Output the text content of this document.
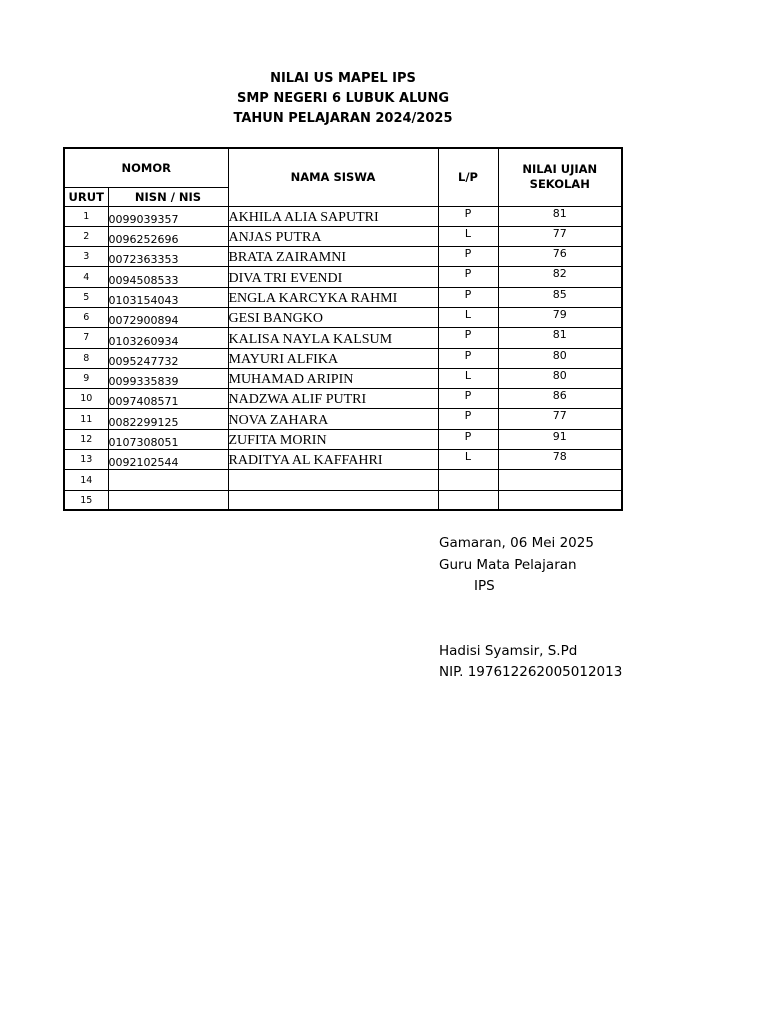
NILAI US MAPEL IPS
SMP NEGERI 6 LUBUK ALUNG
TAHUN PELAJARAN 2024/2025
NOMOR		NAMA SISWA	L/P	NILAI UJIAN SEKOLAH
URUT	NISN / NIS			
1	0099039357	AKHILA ALIA SAPUTRI	P	81
2	0096252696	ANJAS PUTRA	L	77
3	0072363353	BRATA ZAIRAMNI	P	76
4	0094508533	DIVA TRI EVENDI	P	82
5	0103154043	ENGLA KARCYKA RAHMI	P	85
6	0072900894	GESI BANGKO	L	79
7	0103260934	KALISA NAYLA KALSUM	P	81
8	0095247732	MAYURI ALFIKA	P	80
9	0099335839	MUHAMAD ARIPIN	L	80
10	0097408571	NADZWA ALIF PUTRI	P	86
11	0082299125	NOVA ZAHARA	P	77
12	0107308051	ZUFITA MORIN	P	91
13	0092102544	RADITYA AL KAFFAHRI	L	78
14				
15				
Gamaran, 06 Mei 2025
Guru Mata Pelajaran
IPS
Hadisi Syamsir, S.Pd
NIP. 197612262005012013
